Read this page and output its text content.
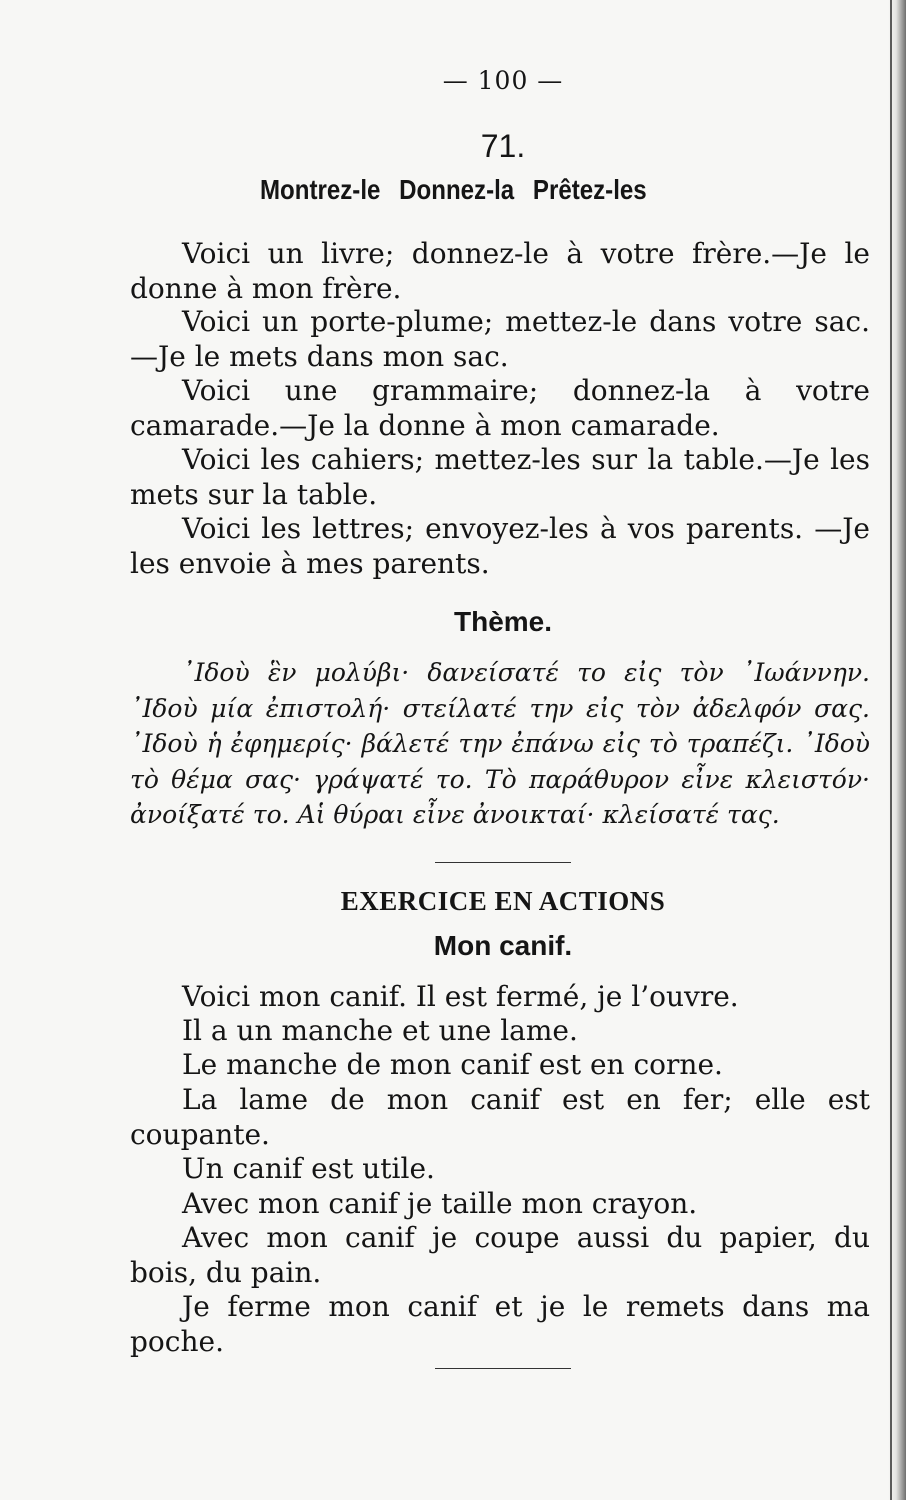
— 100 —
71.
Montrez-le Donnez-la Prêtez-les

Voici un livre; donnez-le à votre frère.—Je le donne à mon frère.

Voici un porte-plume; mettez-le dans votre sac. —Je le mets dans mon sac.

Voici une grammaire; donnez-la à votre camarade.—Je la donne à mon camarade.

Voici les cahiers; mettez-les sur la table.—Je les mets sur la table.

Voici les lettres; envoyez-les à vos parents. —Je les envoie à mes parents.

Thème.

᾿Ιδοὺ ἓν μολύβι· δανείσατέ το εἰς τὸν ᾿Ιωάννην. ᾿Ιδοὺ μία ἐπιστολή· στείλατέ την εἰς τὸν ἀδελφόν σας. ᾿Ιδοὺ ἡ ἐφημερίς· βάλετέ την ἐπάνω εἰς τὸ τραπέζι. ᾿Ιδοὺ τὸ θέμα σας· γράψατέ το. Τὸ παράθυρον εἶνε κλειστόν· ἀνοίξατέ το. Αἱ θύραι εἶνε ἀνοικταί· κλείσατέ τας.

EXERCICE EN ACTIONS
Mon canif.

Voici mon canif. Il est fermé, je l’ouvre.

Il a un manche et une lame.

Le manche de mon canif est en corne.

La lame de mon canif est en fer; elle est coupante.

Un canif est utile.

Avec mon canif je taille mon crayon.

Avec mon canif je coupe aussi du papier, du bois, du pain.

Je ferme mon canif et je le remets dans ma poche.
